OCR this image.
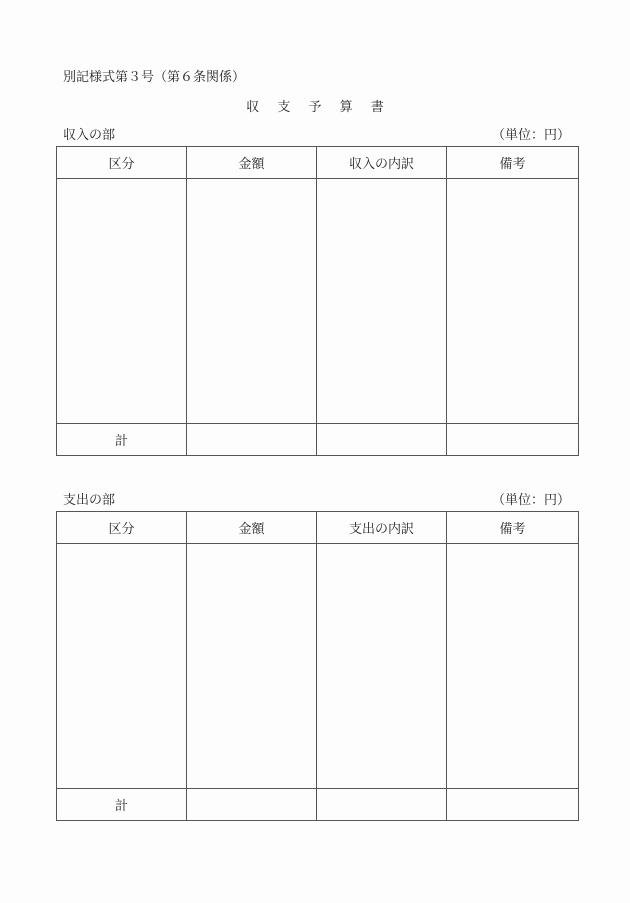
別記様式第３号（第６条関係）
収 支 予 算 書
収入の部	（単位：円）
区分	金額	収入の内訳	備考

計			
支出の部	（単位：円）
区分	金額	支出の内訳	備考

計			
